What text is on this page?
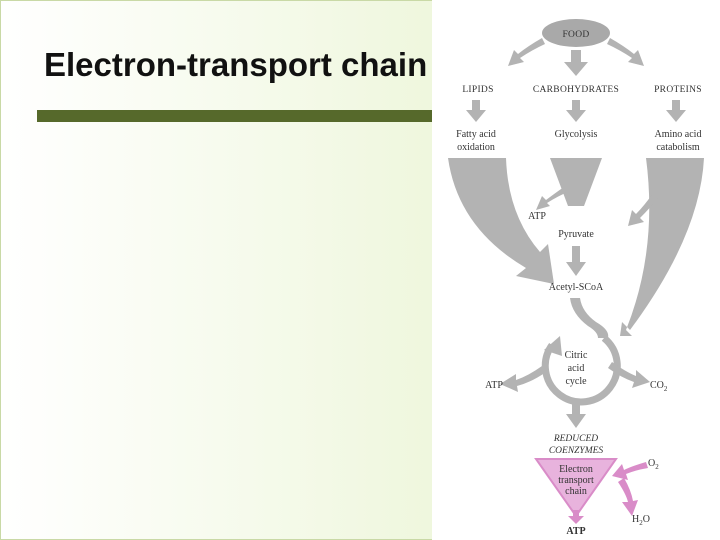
Electron-transport chain
FOOD
LIPIDS	CARBOHYDRATES	PROTEINS
Fatty acid
oxidation
Glycolysis	Amino acid
catabolism
ATP
Pyruvate
Acetyl-SCoA
Citric
acid
cycle
ATP	$CO_2$
REDUCED
COENZYMES
Electron
transport
chain
$O_2$
$H_2O$
ATP
